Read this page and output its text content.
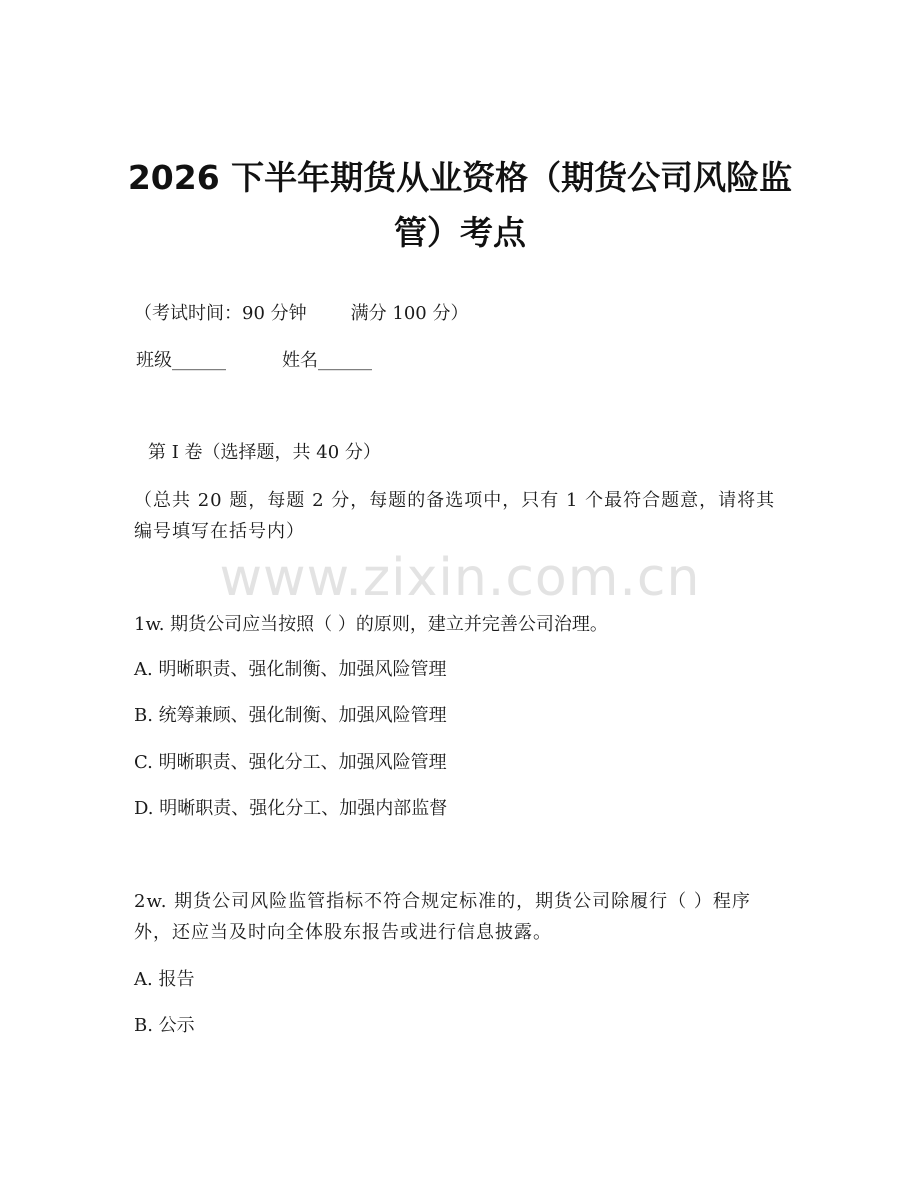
www.zixin.com.cn
2026 下半年期货从业资格（期货公司风险监管）考点
（考试时间：90 分钟 满分 100 分）
班级______	姓名______
第 I 卷（选择题，共 40 分）
（总共 20 题，每题 2 分，每题的备选项中，只有 1 个最符合题意，请将其编号填写在括号内）
1w. 期货公司应当按照（ ）的原则，建立并完善公司治理。
A. 明晰职责、强化制衡、加强风险管理
B. 统筹兼顾、强化制衡、加强风险管理
C. 明晰职责、强化分工、加强风险管理
D. 明晰职责、强化分工、加强内部监督
2w. 期货公司风险监管指标不符合规定标准的，期货公司除履行（ ）程序外，还应当及时向全体股东报告或进行信息披露。
A. 报告
B. 公示
